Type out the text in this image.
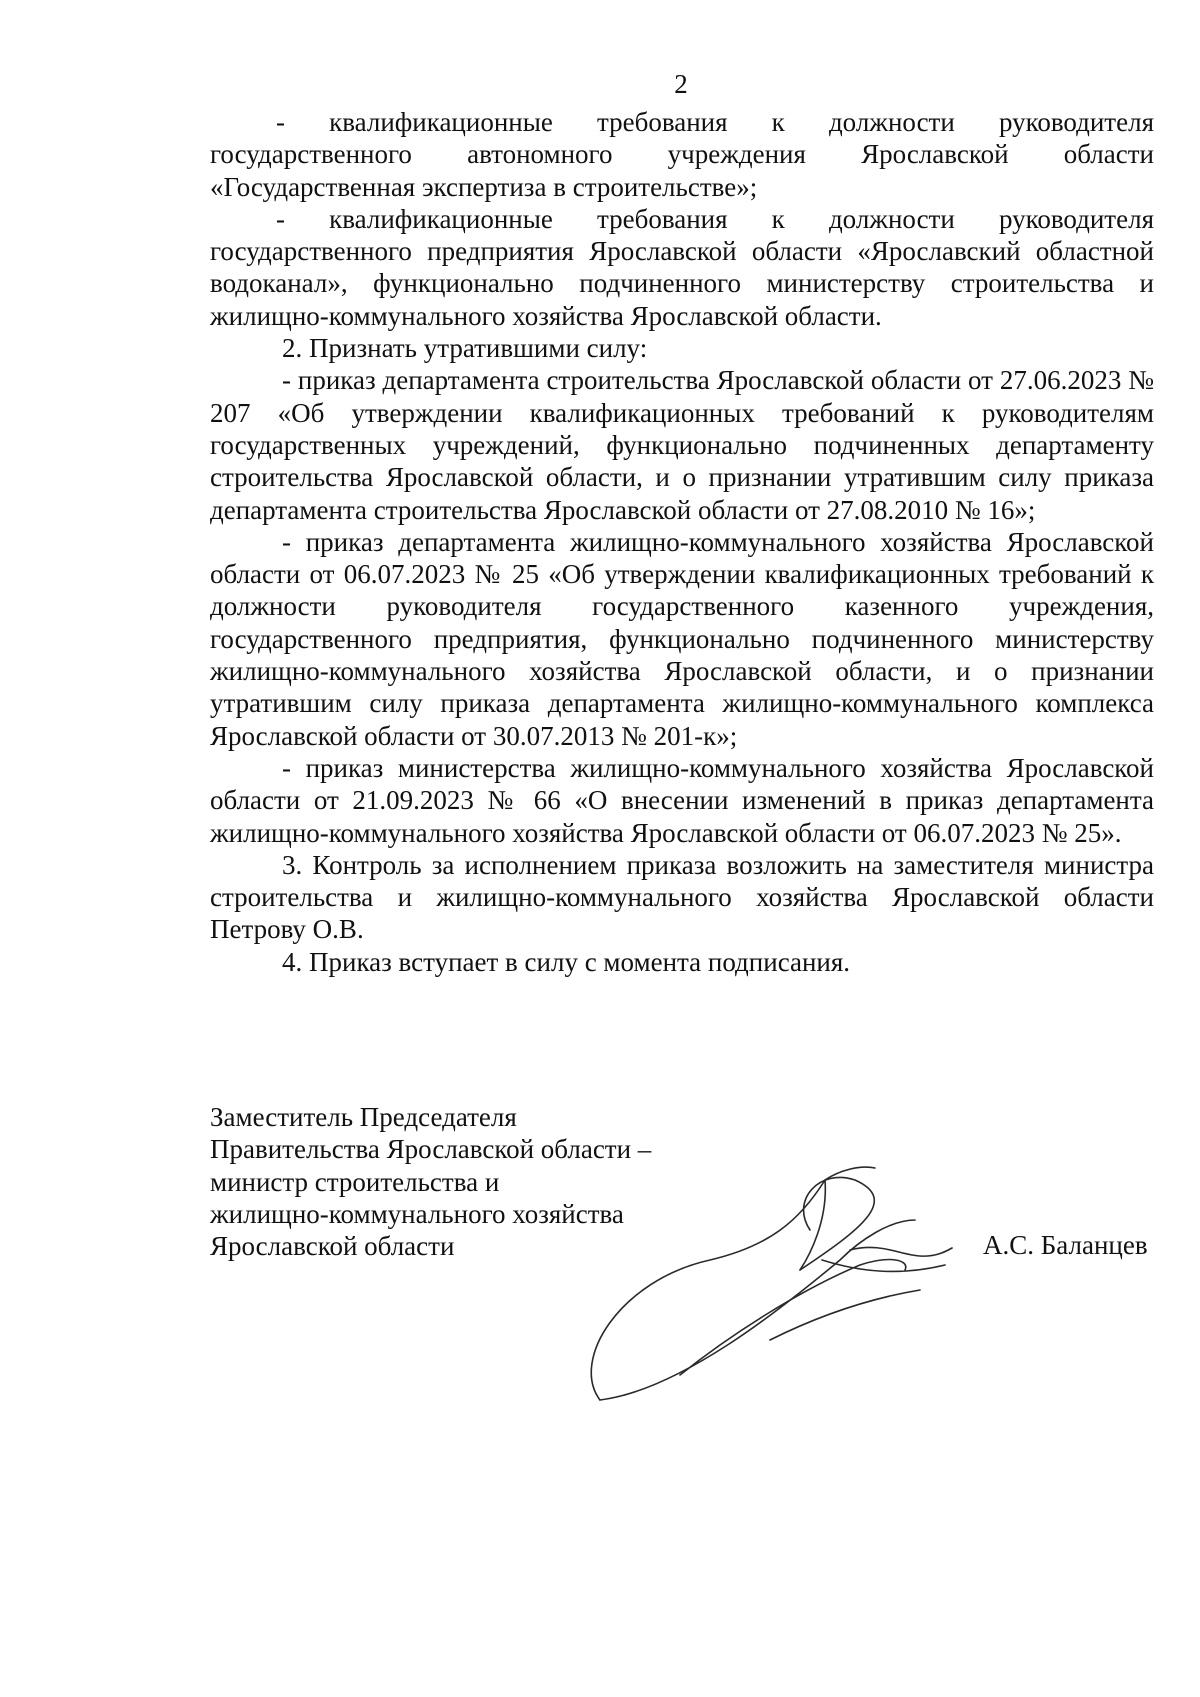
2

- квалификационные требования к должности руководителя государственного автономного учреждения Ярославской области «Государственная экспертиза в строительстве»;

- квалификационные требования к должности руководителя государственного предприятия Ярославской области «Ярославский областной водоканал», функционально подчиненного министерству строительства и жилищно-коммунального хозяйства Ярославской области.

2. Признать утратившими силу:

- приказ департамента строительства Ярославской области от 27.06.2023 № 207 «Об утверждении квалификационных требований к руководителям государственных учреждений, функционально подчиненных департаменту строительства Ярославской области, и о признании утратившим силу приказа департамента строительства Ярославской области от 27.08.2010 № 16»;

- приказ департамента жилищно-коммунального хозяйства Ярославской области от 06.07.2023 № 25 «Об утверждении квалификационных требований к должности руководителя государственного казенного учреждения, государственного предприятия, функционально подчиненного министерству жилищно-коммунального хозяйства Ярославской области, и о признании утратившим силу приказа департамента жилищно-коммунального комплекса Ярославской области от 30.07.2013 № 201-к»;

- приказ министерства жилищно-коммунального хозяйства Ярославской области от 21.09.2023 № 66 «О внесении изменений в приказ департамента жилищно-коммунального хозяйства Ярославской области от 06.07.2023 № 25».

3. Контроль за исполнением приказа возложить на заместителя министра строительства и жилищно-коммунального хозяйства Ярославской области Петрову О.В.

4. Приказ вступает в силу с момента подписания.

Заместитель Председателя
Правительства Ярославской области –
министр строительства и
жилищно-коммунального хозяйства
Ярославской области	А.С. Баланцев
